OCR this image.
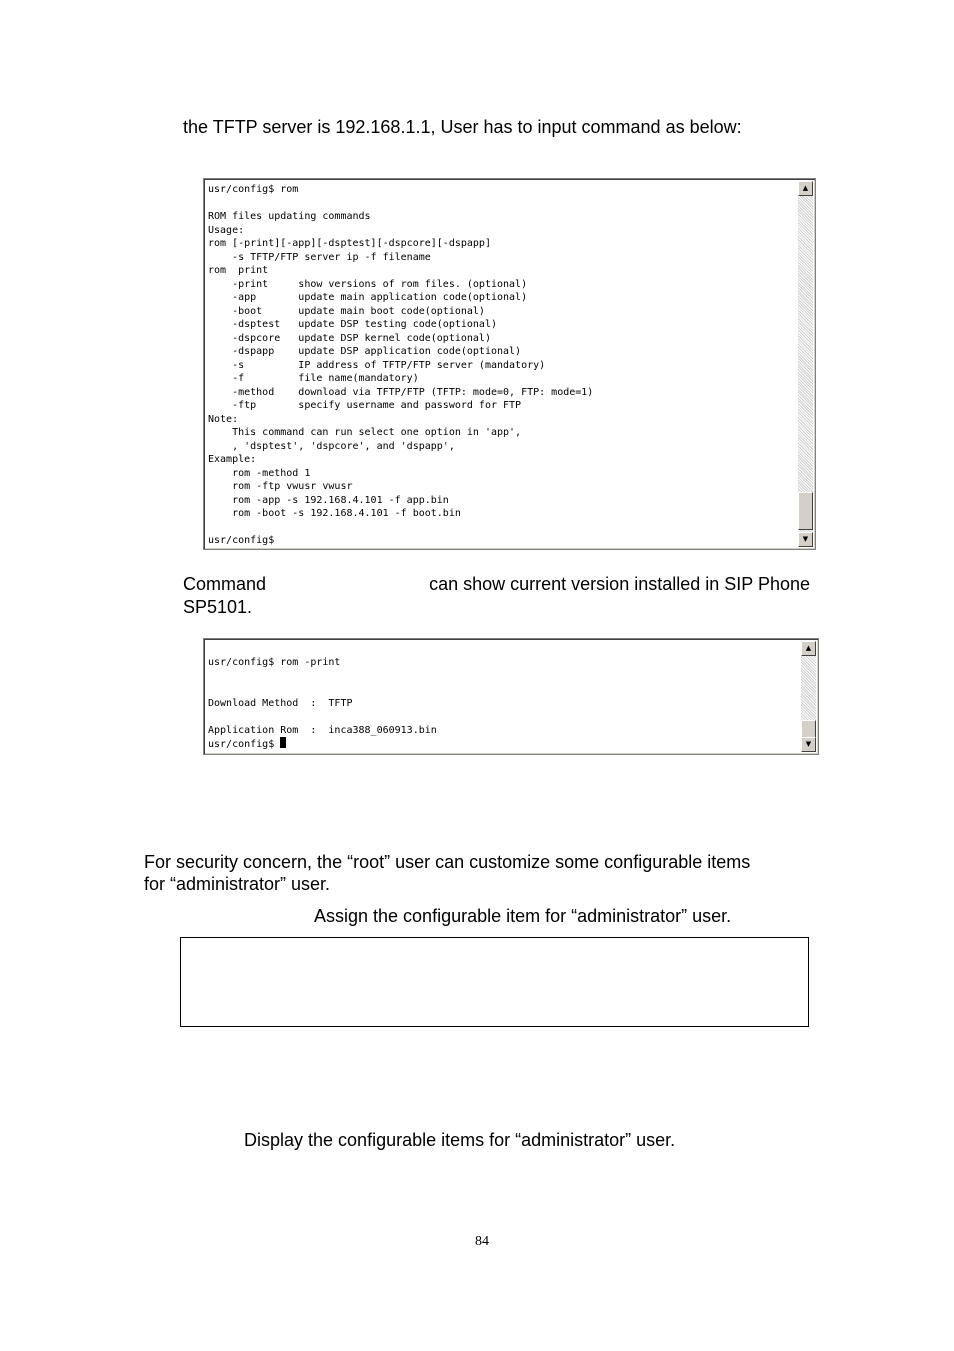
the TFTP server is 192.168.1.1, User has to input command as below:

usr/config$ rom

ROM files updating commands
Usage:
rom [-print][-app][-dsptest][-dspcore][-dspapp]
-s TFTP/FTP server ip -f filename
rom  print
-print     show versions of rom files. (optional)
-app       update main application code(optional)
-boot      update main boot code(optional)
-dsptest   update DSP testing code(optional)
-dspcore   update DSP kernel code(optional)
-dspapp    update DSP application code(optional)
-s         IP address of TFTP/FTP server (mandatory)
-f         file name(mandatory)
-method    download via TFTP/FTP (TFTP: mode=0, FTP: mode=1)
-ftp       specify username and password for FTP
Note:
This command can run select one option in 'app',
, 'dsptest', 'dspcore', and 'dspapp',
Example:
rom -method 1
rom -ftp vwusr vwusr
rom -app -s 192.168.4.101 -f app.bin
rom -boot -s 192.168.4.101 -f boot.bin

usr/config$
▲
▼

Command	can show current version installed in SIP Phone

SP5101.

usr/config$ rom -print

Download Method  :  TFTP

Application Rom  :  inca388_060913.bin
usr/config$
▲
▼

For security concern, the “root” user can customize some configurable items

for “administrator” user.

Assign the configurable item for “administrator” user.

Display the configurable items for “administrator” user.

84
